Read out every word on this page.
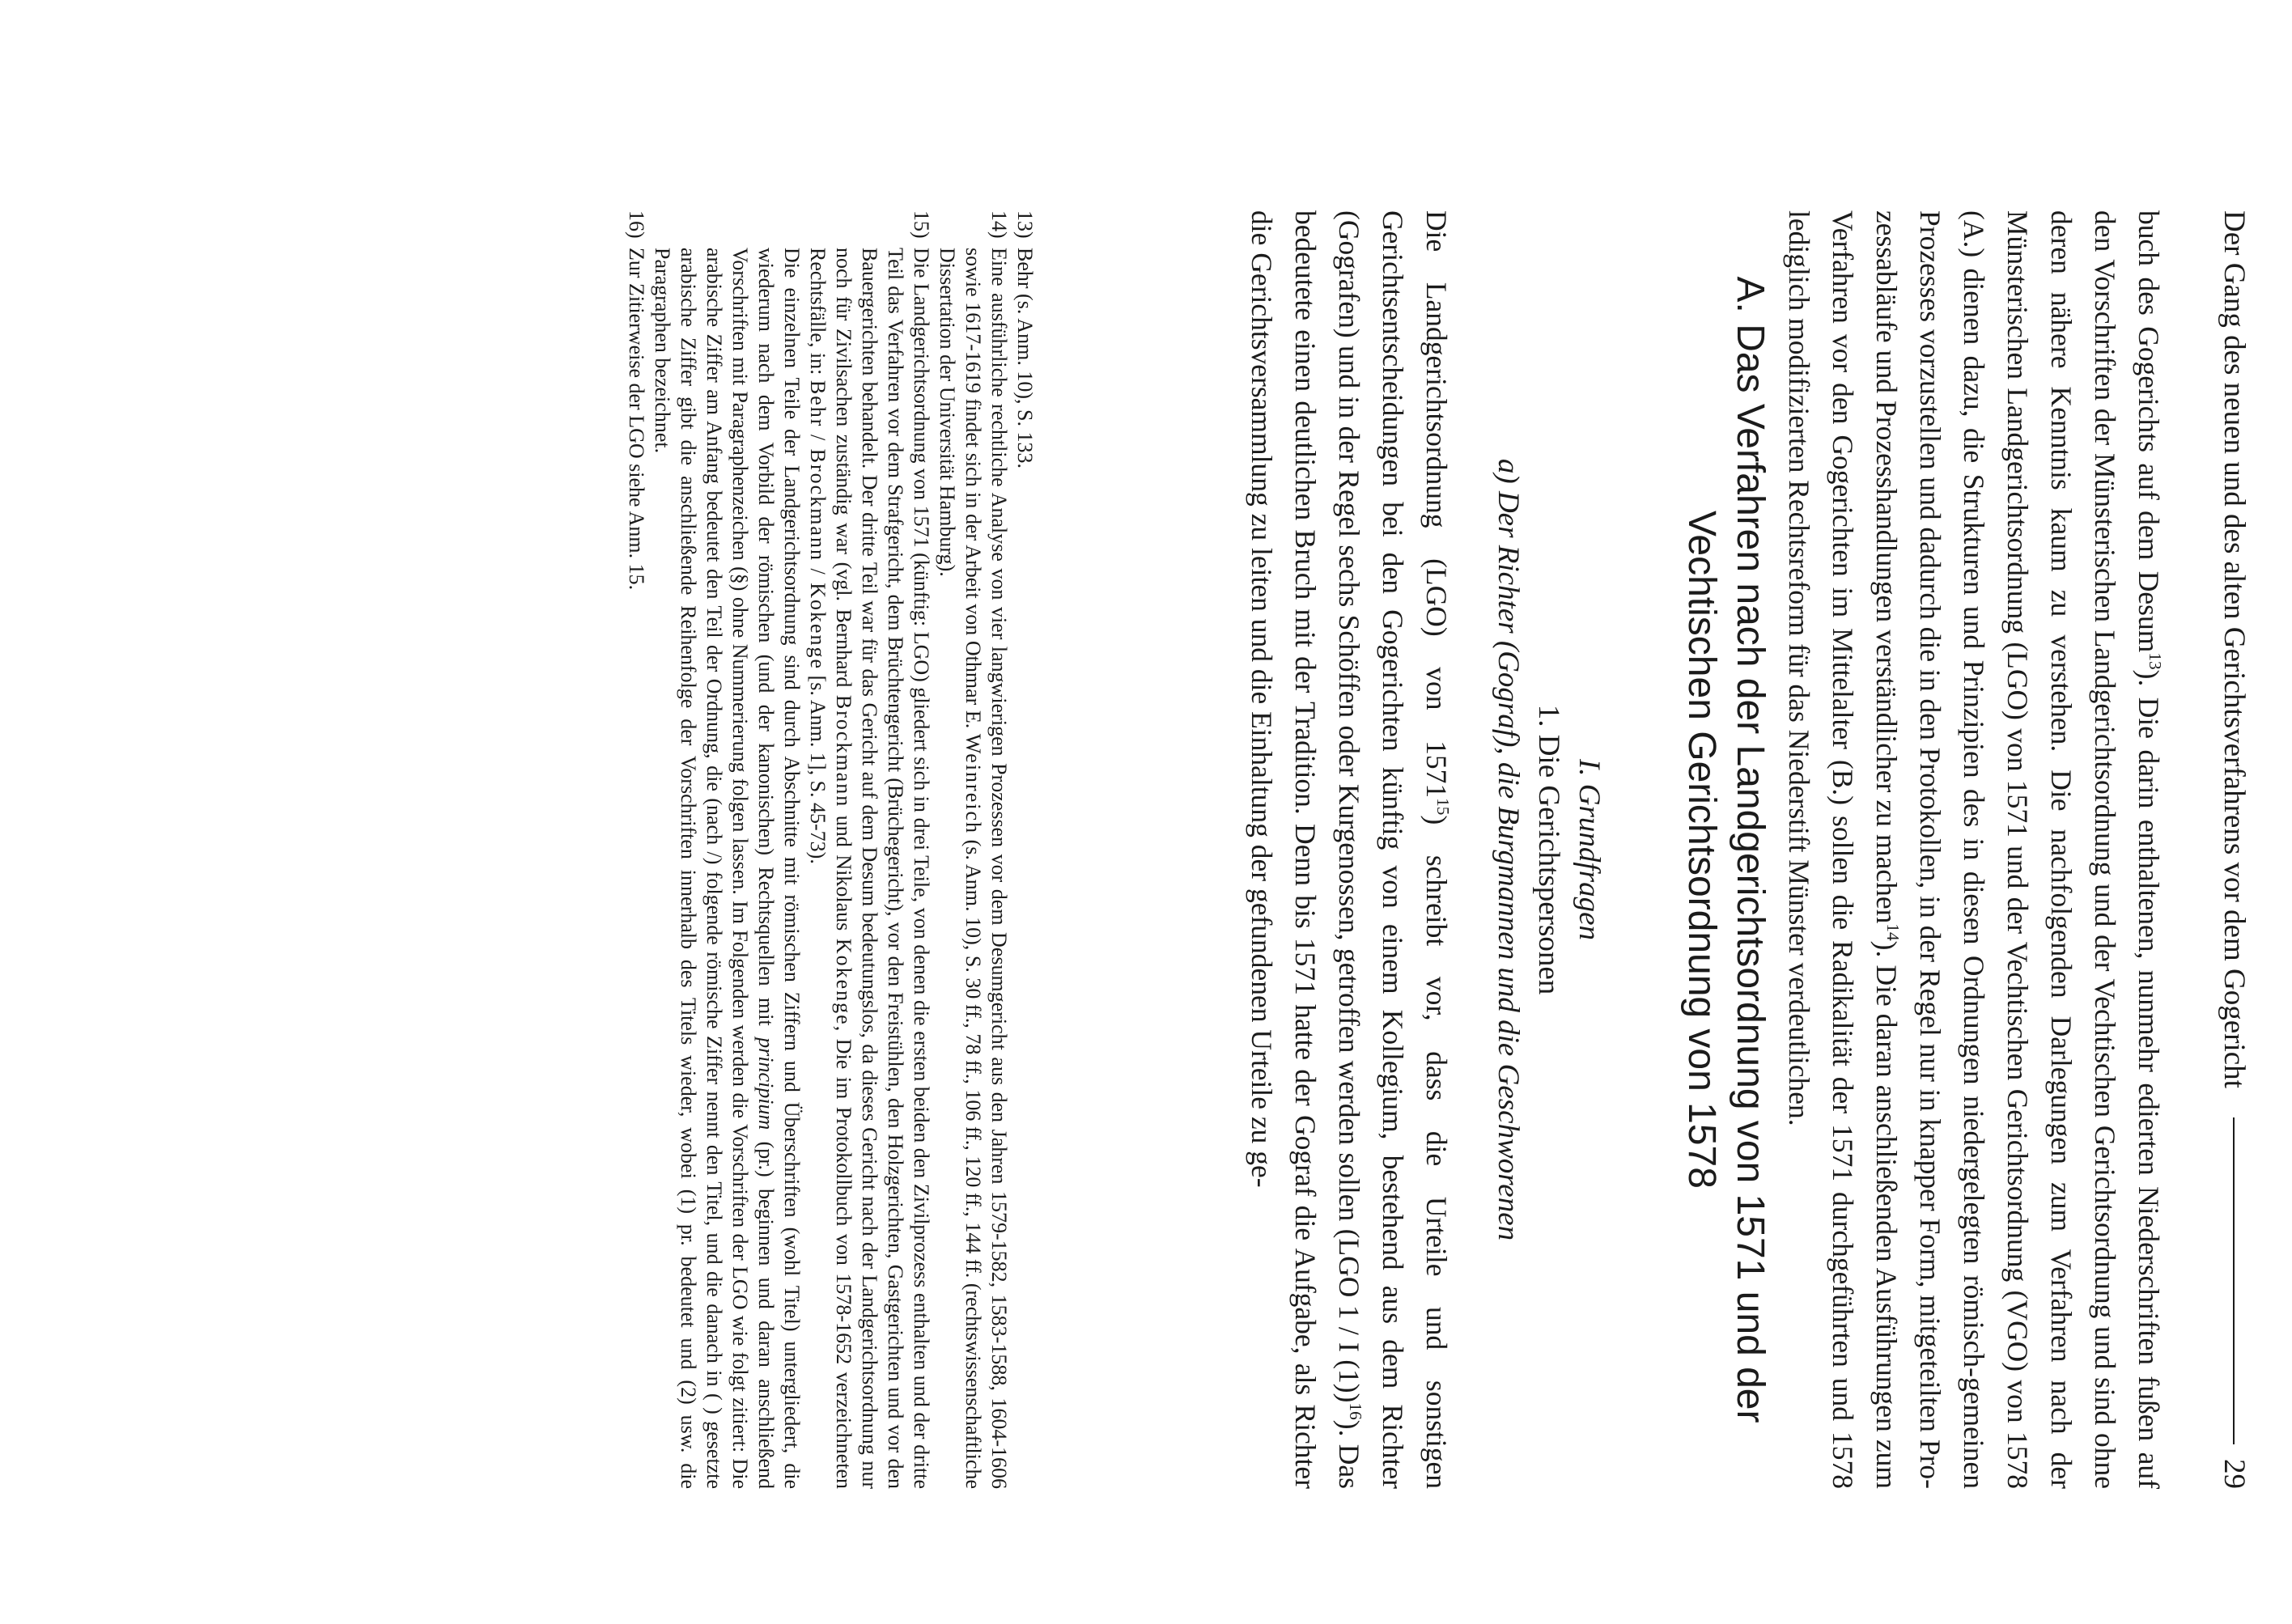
Der Gang des neuen und des alten Gerichtsverfahrens vor dem Gogericht
29

buch des Gogerichts auf dem Desum$^{13}$). Die darin enthaltenen, nunmehr edierten Niederschriften fußen auf den Vorschriften der Münsterischen Landgerichtsordnung und der Vechtischen Gerichtsordnung und sind ohne deren nähere Kenntnis kaum zu verstehen. Die nachfolgenden Darlegungen zum Verfahren nach der Münsterischen Landgerichtsordnung (LGO) von 1571 und der Vechtischen Gerichtsordnung (VGO) von 1578 (A.) dienen dazu, die Strukturen und Prinzipien des in diesen Ordnungen niedergelegten römisch-gemeinen Prozesses vorzustellen und dadurch die in den Protokollen, in der Regel nur in knapper Form, mitgeteilten Prozessabläufe und Prozesshandlungen verständlicher zu machen$^{14}$). Die daran anschließenden Ausführungen zum Verfahren vor den Gogerichten im Mittelalter (B.) sollen die Radikalität der 1571 durchgeführten und 1578 lediglich modifizierten Rechtsreform für das Niederstift Münster verdeutlichen.

A. Das Verfahren nach der Landgerichtsordnung von 1571 und der
Vechtischen Gerichtsordnung von 1578

I. Grundfragen

1. Die Gerichtspersonen

a) Der Richter (Gograf), die Burgmannen und die Geschworenen

Die Landgerichtsordnung (LGO) von 1571$^{15}$) schreibt vor, dass die Urteile und sonstigen Gerichtsentscheidungen bei den Gogerichten künftig von einem Kollegium, bestehend aus dem Richter (Gografen) und in der Regel sechs Schöffen oder Kurgenossen, getroffen werden sollen (LGO 1 / I (1))$^{16}$). Das bedeutete einen deutlichen Bruch mit der Tradition. Denn bis 1571 hatte der Gograf die Aufgabe, als Richter die Gerichtsversammlung zu leiten und die Einhaltung der gefundenen Urteile zu ge-

13)
Behr (s. Anm. 10), S. 133.
14)
Eine ausführliche rechtliche Analyse von vier langwierigen Prozessen vor dem Desumgericht aus den Jahren 1579-1582, 1583-1588, 1604-1606 sowie 1617-1619 findet sich in der Arbeit von Othmar E. Weinreich (s. Anm. 10), S. 30 ff., 78 ff., 106 ff., 120 ff., 144 ff. (rechtswissenschaftliche Dissertation der Universität Hamburg).
15)
Die Landgerichtsordnung von 1571 (künftig: LGO) gliedert sich in drei Teile, von denen die ersten beiden den Zivilprozess enthalten und der dritte Teil das Verfahren vor dem Strafgericht, dem Brüchtengericht (Brüchegericht), vor den Freistühlen, den Holzgerichten, Gastgerichten und vor den Bauergerichten behandelt. Der dritte Teil war für das Gericht auf dem Desum bedeutungslos, da dieses Gericht nach der Landgerichtsordnung nur noch für Zivilsachen zuständig war (vgl. Bernhard Brockmann und Nikolaus Kokenge, Die im Protokollbuch von 1578-1652 verzeichneten Rechtsfälle, in: Behr / Brockmann / Kokenge [s. Anm. 1], S. 45-73).
Die einzelnen Teile der Landgerichtsordnung sind durch Abschnitte mit römischen Ziffern und Überschriften (wohl Titel) untergliedert, die wiederum nach dem Vorbild der römischen (und der kanonischen) Rechtsquellen mit principium (pr.) beginnen und daran anschließend Vorschriften mit Paragraphenzeichen (§) ohne Nummerierung folgen lassen. Im Folgenden werden die Vorschriften der LGO wie folgt zitiert: Die arabische Ziffer am Anfang bedeutet den Teil der Ordnung, die (nach /) folgende römische Ziffer nennt den Titel, und die danach in ( ) gesetzte arabische Ziffer gibt die anschließende Reihenfolge der Vorschriften innerhalb des Titels wieder, wobei (1) pr. bedeutet und (2) usw. die Paragraphen bezeichnet.
16)
Zur Zitierweise der LGO siehe Anm. 15.
